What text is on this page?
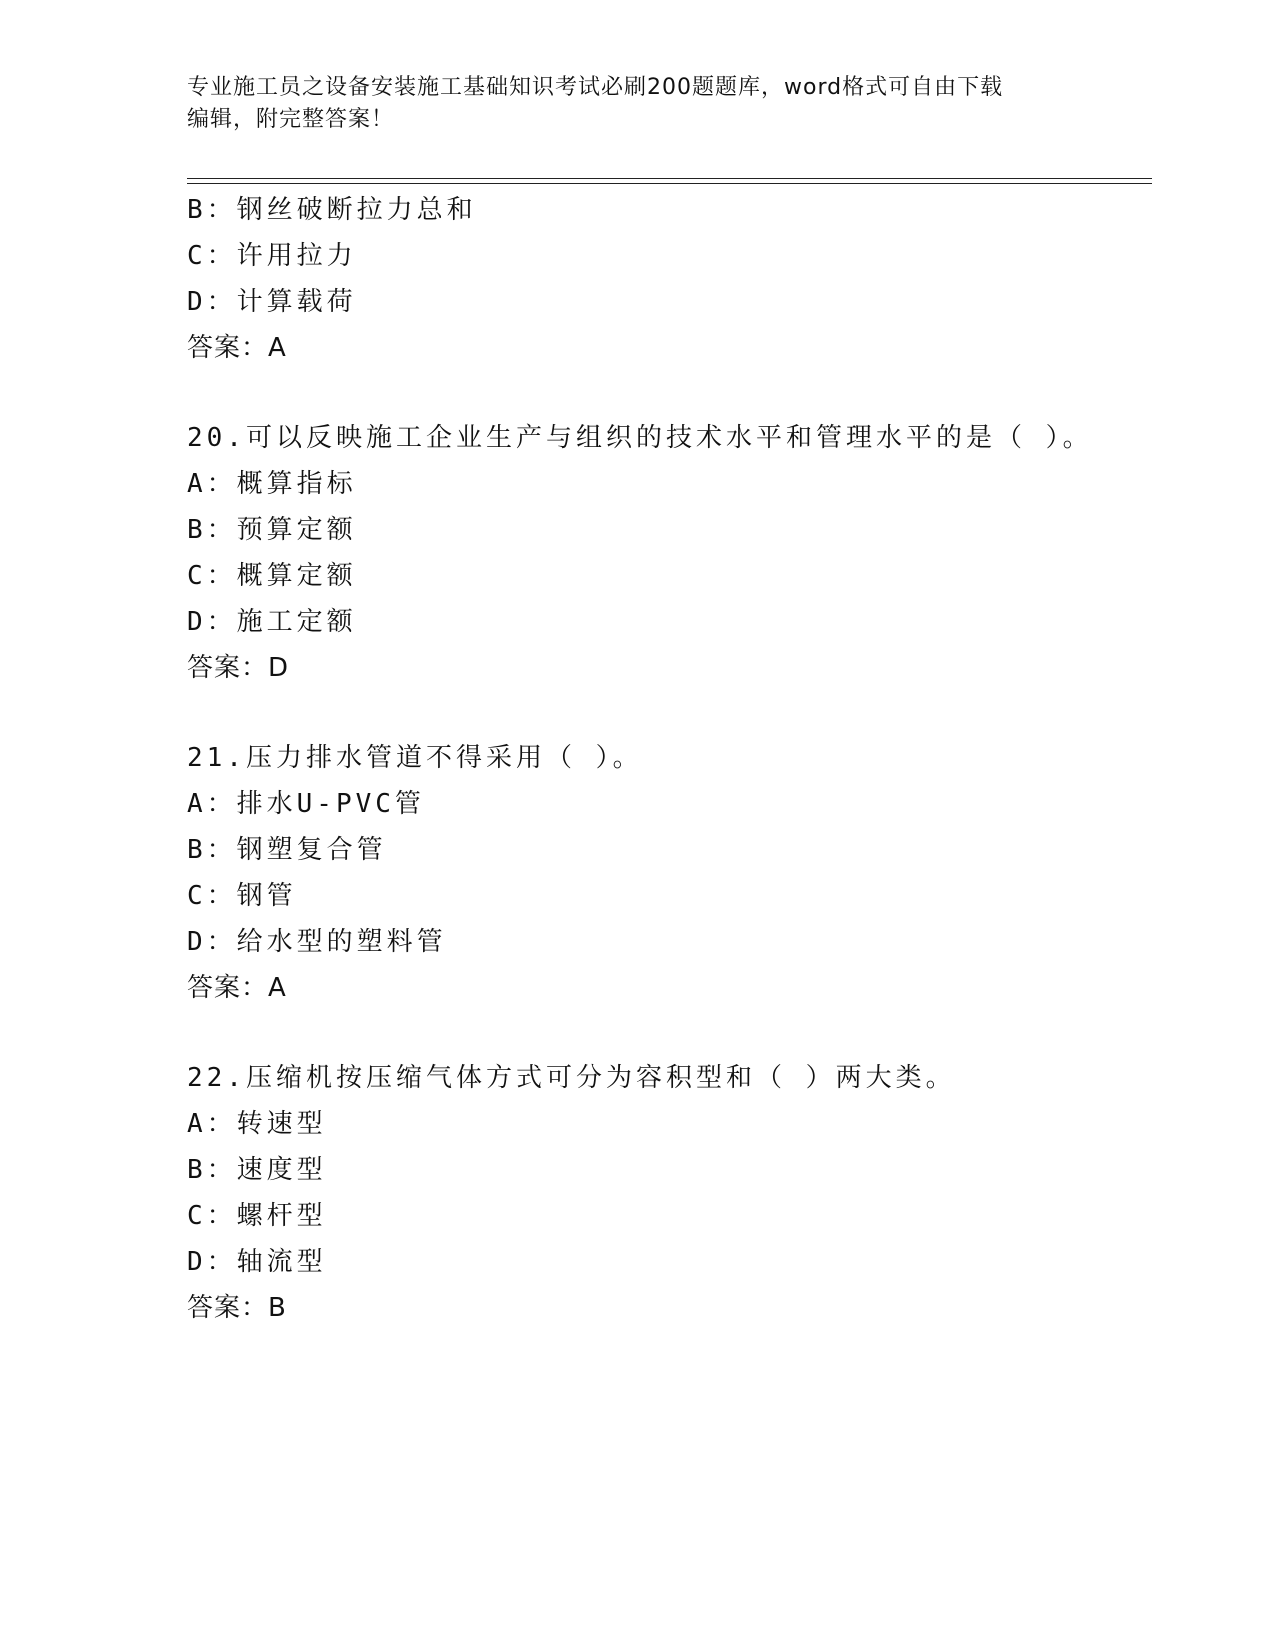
专业施工员之设备安装施工基础知识考试必刷200题题库，word格式可自由下载
编辑，附完整答案！
B：钢丝破断拉力总和
C：许用拉力
D：计算载荷
答案：A
20.可以反映施工企业生产与组织的技术水平和管理水平的是（ ）。
A：概算指标
B：预算定额
C：概算定额
D：施工定额
答案：D
21.压力排水管道不得采用（ ）。
A：排水U-PVC管
B：钢塑复合管
C：钢管
D：给水型的塑料管
答案：A
22.压缩机按压缩气体方式可分为容积型和（ ）两大类。
A：转速型
B：速度型
C：螺杆型
D：轴流型
答案：B
